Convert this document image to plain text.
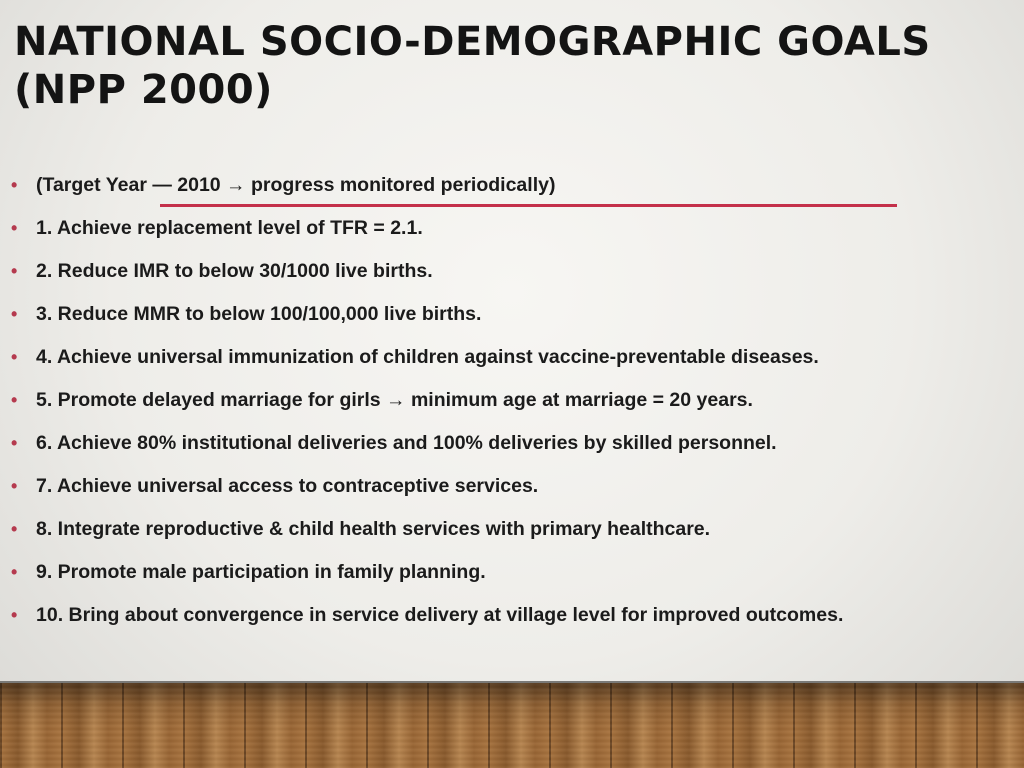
NATIONAL SOCIO-DEMOGRAPHIC GOALS (NPP 2000)
• (Target Year — 2010 → progress monitored periodically)
• 1. Achieve replacement level of TFR = 2.1.
• 2. Reduce IMR to below 30/1000 live births.
• 3. Reduce MMR to below 100/100,000 live births.
• 4. Achieve universal immunization of children against vaccine-preventable diseases.
• 5. Promote delayed marriage for girls → minimum age at marriage = 20 years.
• 6. Achieve 80% institutional deliveries and 100% deliveries by skilled personnel.
• 7. Achieve universal access to contraceptive services.
• 8. Integrate reproductive & child health services with primary healthcare.
• 9. Promote male participation in family planning.
• 10. Bring about convergence in service delivery at village level for improved outcomes.
